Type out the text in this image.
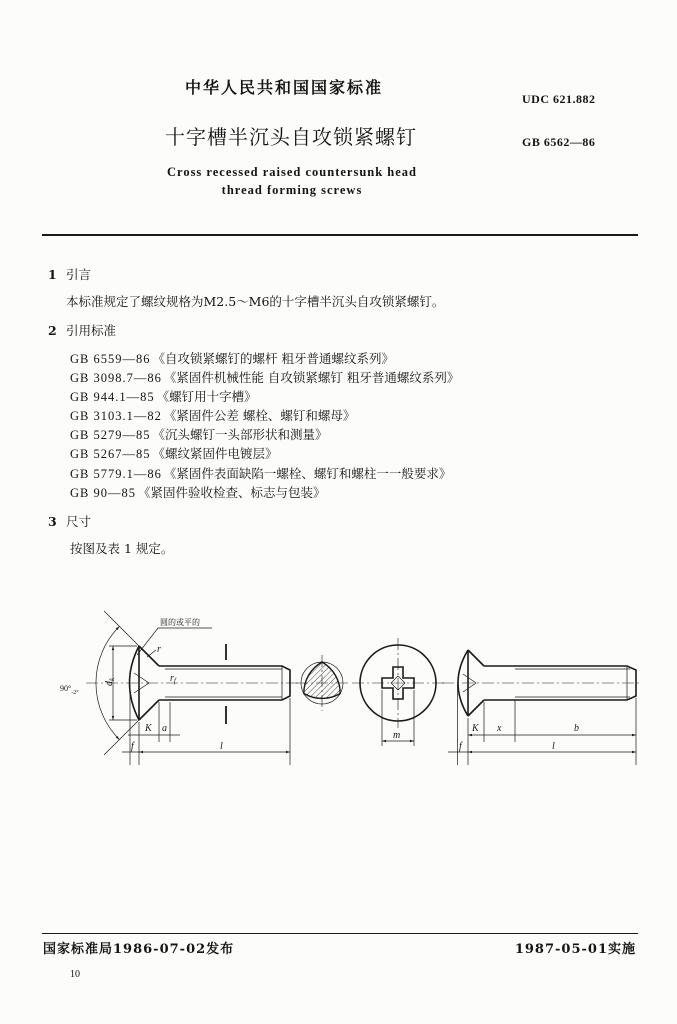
中华人民共和国国家标准
UDC 621.882
十字槽半沉头自攻锁紧螺钉	GB 6562—86
Cross recessed raised countersunk head
thread forming screws
1 引言
本标准规定了螺纹规格为M2.5～M6的十字槽半沉头自攻锁紧螺钉。
2 引用标准
GB 6559—86 《自攻锁紧螺钉的螺杆 粗牙普通螺纹系列》
GB 3098.7—86 《紧固件机械性能 自攻锁紧螺钉 粗牙普通螺纹系列》
GB 944.1—85 《螺钉用十字槽》
GB 3103.1—82 《紧固件公差 螺栓、螺钉和螺母》
GB 5279—85 《沉头螺钉一头部形状和测量》
GB 5267—85 《螺纹紧固件电镀层》
GB 5779.1—86 《紧固件表面缺陷一螺栓、螺钉和螺柱一一般要求》
GB 90—85 《紧固件验收检查、标志与包装》
3 尺寸
按图及表 1 规定。
$90^\circ_{-2^\circ}$
$d_k$
圆的或平的
r
$r_f$
K a
f	l
m
K x	b
f	l
国家标准局1986-07-02发布	1987-05-01实施
10
